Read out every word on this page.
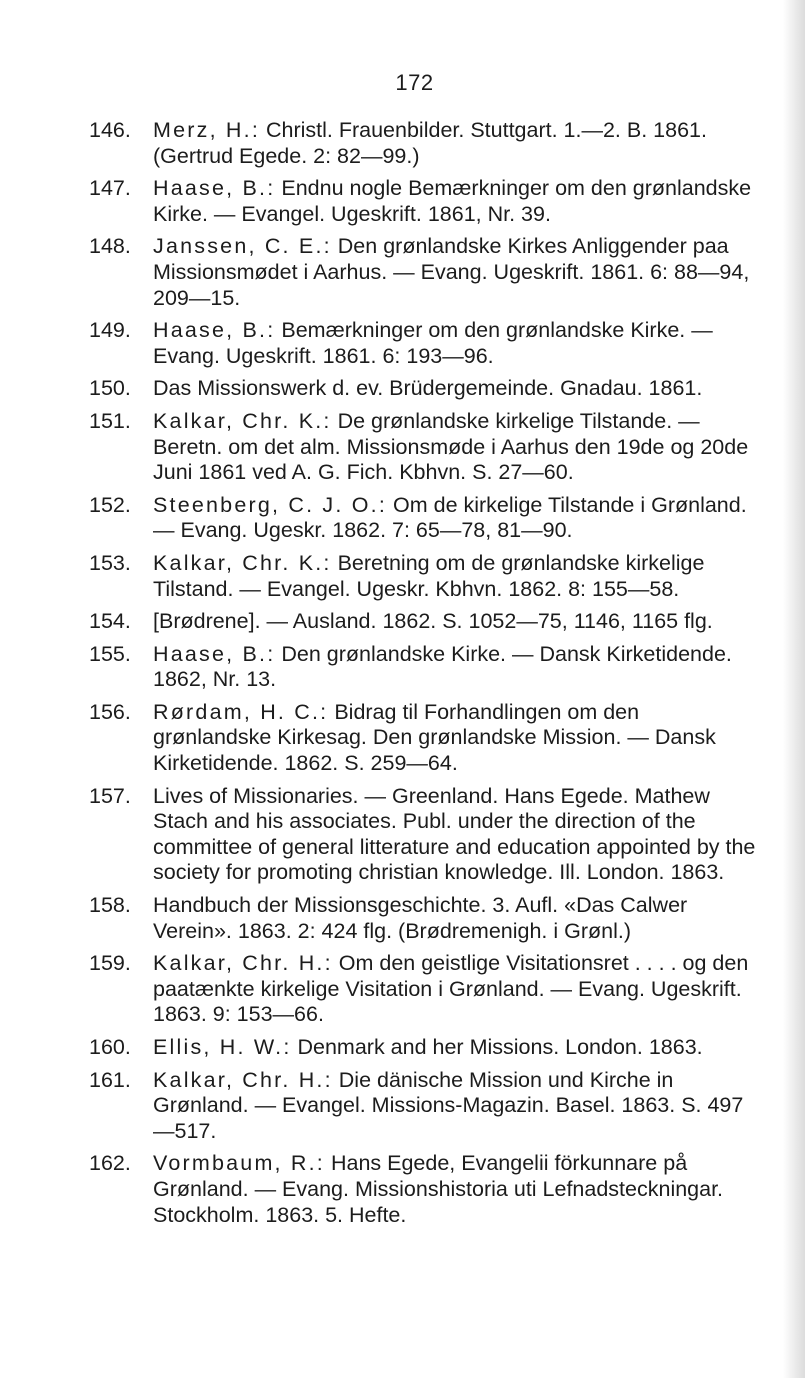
172
146.	Merz, H.: Christl. Frauenbilder. Stuttgart. 1.—2. B. 1861. (Gertrud Egede. 2: 82—99.)
147.	Haase, B.: Endnu nogle Bemærkninger om den grønlandske Kirke. — Evangel. Ugeskrift. 1861, Nr. 39.
148.	Janssen, C. E.: Den grønlandske Kirkes Anliggender paa Missionsmødet i Aarhus. — Evang. Ugeskrift. 1861. 6: 88—94, 209—15.
149.	Haase, B.: Bemærkninger om den grønlandske Kirke. — Evang. Ugeskrift. 1861. 6: 193—96.
150.	Das Missionswerk d. ev. Brüdergemeinde. Gnadau. 1861.
151.	Kalkar, Chr. K.: De grønlandske kirkelige Tilstande. — Beretn. om det alm. Missionsmøde i Aarhus den 19de og 20de Juni 1861 ved A. G. Fich. Kbhvn. S. 27—60.
152.	Steenberg, C. J. O.: Om de kirkelige Tilstande i Grønland. — Evang. Ugeskr. 1862. 7: 65—78, 81—90.
153.	Kalkar, Chr. K.: Beretning om de grønlandske kirkelige Tilstand. — Evangel. Ugeskr. Kbhvn. 1862. 8: 155—58.
154.	[Brødrene]. — Ausland. 1862. S. 1052—75, 1146, 1165 flg.
155.	Haase, B.: Den grønlandske Kirke. — Dansk Kirketidende. 1862, Nr. 13.
156.	Rørdam, H. C.: Bidrag til Forhandlingen om den grønlandske Kirkesag. Den grønlandske Mission. — Dansk Kirketidende. 1862. S. 259—64.
157.	Lives of Missionaries. — Greenland. Hans Egede. Mathew Stach and his associates. Publ. under the direction of the committee of general litterature and education appointed by the society for promoting christian knowledge. Ill. London. 1863.
158.	Handbuch der Missionsgeschichte. 3. Aufl. «Das Calwer Verein». 1863. 2: 424 flg. (Brødremenigh. i Grønl.)
159.	Kalkar, Chr. H.: Om den geistlige Visitationsret . . . . og den paatænkte kirkelige Visitation i Grønland. — Evang. Ugeskrift. 1863. 9: 153—66.
160.	Ellis, H. W.: Denmark and her Missions. London. 1863.
161.	Kalkar, Chr. H.: Die dänische Mission und Kirche in Grønland. — Evangel. Missions-Magazin. Basel. 1863. S. 497—517.
162.	Vormbaum, R.: Hans Egede, Evangelii förkunnare på Grønland. — Evang. Missionshistoria uti Lefnadsteckningar. Stockholm. 1863. 5. Hefte.
